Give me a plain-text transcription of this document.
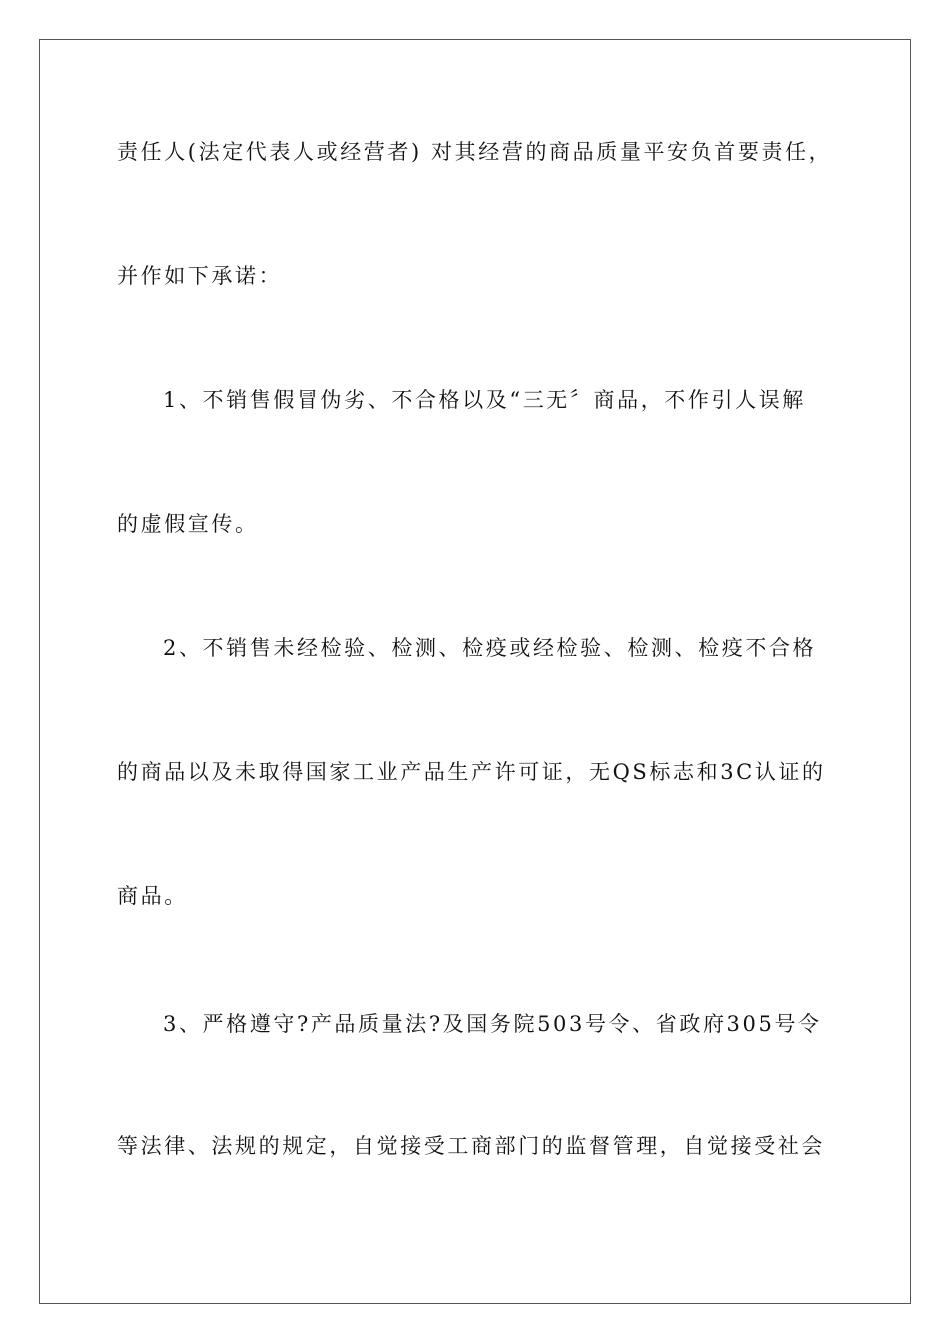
责任人(法定代表人或经营者) 对其经营的商品质量平安负首要责任，
并作如下承诺：
1、不销售假冒伪劣、不合格以及“三无〞商品，不作引人误解
的虚假宣传。
2、不销售未经检验、检测、检疫或经检验、检测、检疫不合格
的商品以及未取得国家工业产品生产许可证，无QS标志和3C认证的
商品。
3、严格遵守?产品质量法?及国务院503号令、省政府305号令
等法律、法规的规定，自觉接受工商部门的监督管理，自觉接受社会
